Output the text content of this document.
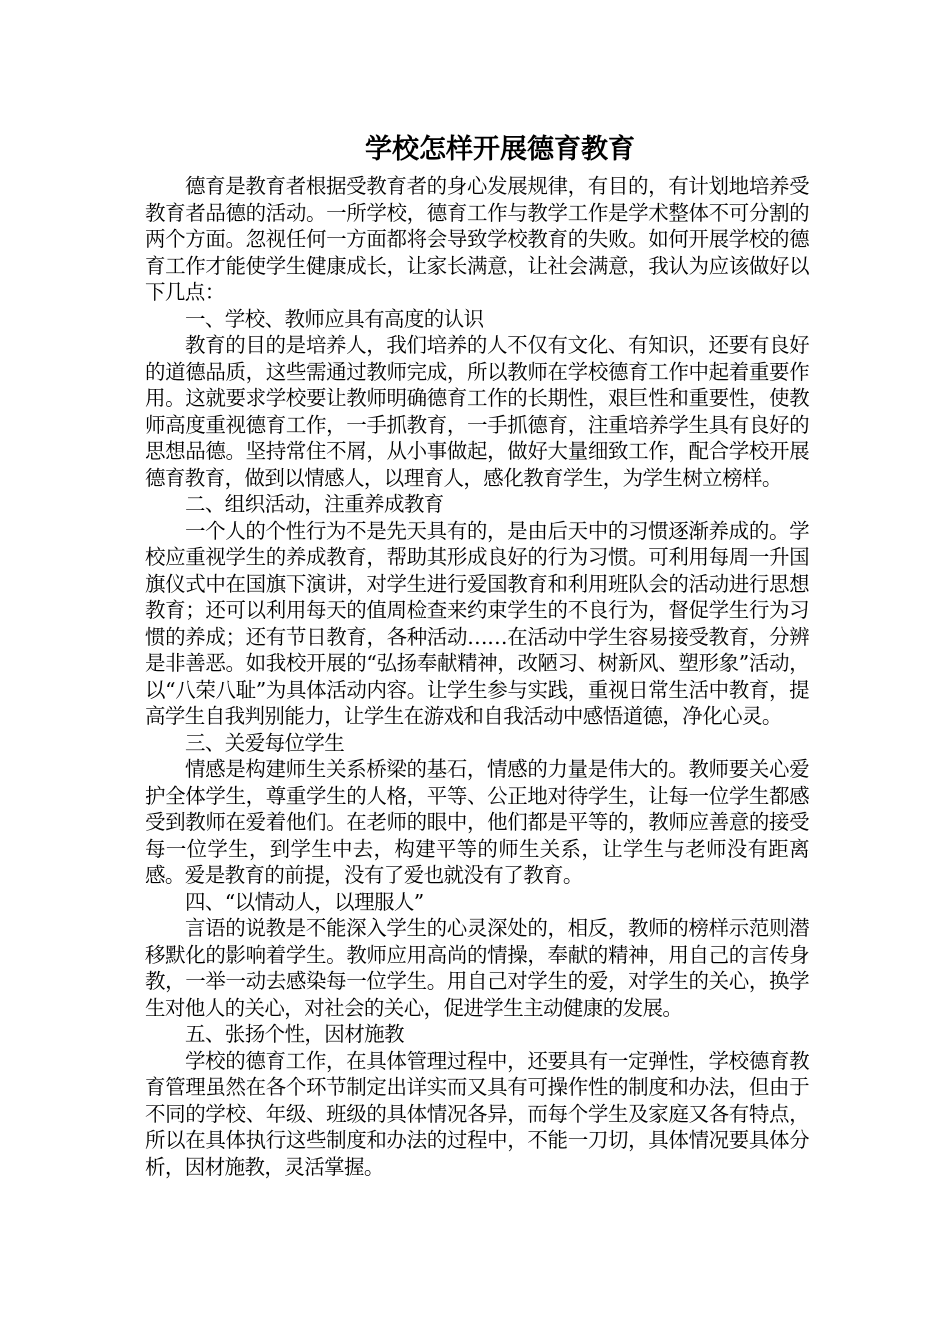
学校怎样开展德育教育

德育是教育者根据受教育者的身心发展规律，有目的，有计划地培养受教育者品德的活动。一所学校，德育工作与教学工作是学术整体不可分割的两个方面。忽视任何一方面都将会导致学校教育的失败。如何开展学校的德育工作才能使学生健康成长，让家长满意，让社会满意，我认为应该做好以下几点：

一、学校、教师应具有高度的认识

教育的目的是培养人，我们培养的人不仅有文化、有知识，还要有良好的道德品质，这些需通过教师完成，所以教师在学校德育工作中起着重要作用。这就要求学校要让教师明确德育工作的长期性，艰巨性和重要性，使教师高度重视德育工作，一手抓教育，一手抓德育，注重培养学生具有良好的思想品德。坚持常住不屑，从小事做起，做好大量细致工作，配合学校开展德育教育，做到以情感人，以理育人，感化教育学生，为学生树立榜样。

二、组织活动，注重养成教育

一个人的个性行为不是先天具有的，是由后天中的习惯逐渐养成的。学校应重视学生的养成教育，帮助其形成良好的行为习惯。可利用每周一升国旗仪式中在国旗下演讲，对学生进行爱国教育和利用班队会的活动进行思想教育；还可以利用每天的值周检查来约束学生的不良行为，督促学生行为习惯的养成；还有节日教育，各种活动……在活动中学生容易接受教育，分辨是非善恶。如我校开展的“弘扬奉献精神，改陋习、树新风、塑形象”活动，以“八荣八耻”为具体活动内容。让学生参与实践，重视日常生活中教育，提高学生自我判别能力，让学生在游戏和自我活动中感悟道德，净化心灵。

三、关爱每位学生

情感是构建师生关系桥梁的基石，情感的力量是伟大的。教师要关心爱护全体学生，尊重学生的人格，平等、公正地对待学生，让每一位学生都感受到教师在爱着他们。在老师的眼中，他们都是平等的，教师应善意的接受每一位学生，到学生中去，构建平等的师生关系，让学生与老师没有距离感。爱是教育的前提，没有了爱也就没有了教育。

四、“以情动人，以理服人”

言语的说教是不能深入学生的心灵深处的，相反，教师的榜样示范则潜移默化的影响着学生。教师应用高尚的情操，奉献的精神，用自己的言传身教，一举一动去感染每一位学生。用自己对学生的爱，对学生的关心，换学生对他人的关心，对社会的关心，促进学生主动健康的发展。

五、张扬个性，因材施教

学校的德育工作，在具体管理过程中，还要具有一定弹性，学校德育教育管理虽然在各个环节制定出详实而又具有可操作性的制度和办法，但由于不同的学校、年级、班级的具体情况各异，而每个学生及家庭又各有特点，所以在具体执行这些制度和办法的过程中，不能一刀切，具体情况要具体分析，因材施教，灵活掌握。
